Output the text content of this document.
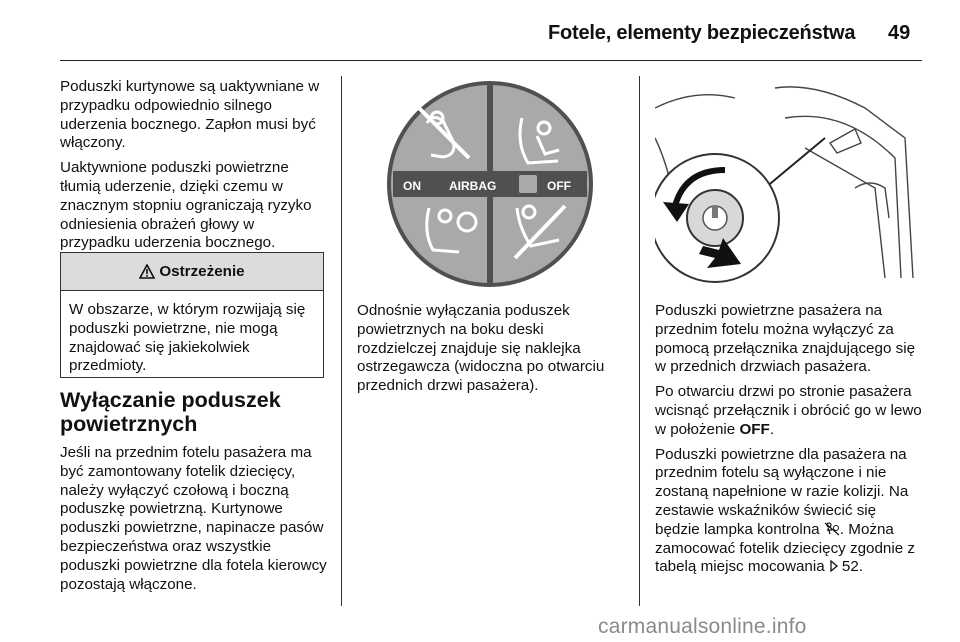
Fotele, elementy bezpieczeństwa 49

Poduszki kurtynowe są uaktywniane w przypadku odpowiednio silnego uderzenia bocznego. Zapłon musi być włączony.

Uaktywnione poduszki powietrzne tłumią uderzenie, dzięki czemu w znacznym stopniu ograniczają ryzyko odniesienia obrażeń głowy w przypadku uderzenia bocznego.

Ostrzeżenie
W obszarze, w którym rozwijają się poduszki powietrzne, nie mogą znajdować się jakiekolwiek przedmioty.
Wyłączanie poduszek powietrznych

Jeśli na przednim fotelu pasażera ma być zamontowany fotelik dziecięcy, należy wyłączyć czołową i boczną poduszkę powietrzną. Kurtynowe poduszki powietrzne, napinacze pasów bezpieczeństwa oraz wszystkie poduszki powietrzne dla fotela kierowcy pozostają włączone.

ON AIRBAG	OFF

Odnośnie wyłączania poduszek powietrznych na boku deski rozdzielczej znajduje się naklejka ostrzegawcza (widoczna po otwarciu przednich drzwi pasażera).

Poduszki powietrzne pasażera na przednim fotelu można wyłączyć za pomocą przełącznika znajdującego się w przednich drzwiach pasażera.

Po otwarciu drzwi po stronie pasażera wcisnąć przełącznik i obrócić go w lewo w położenie OFF.

Poduszki powietrzne dla pasażera na przednim fotelu są wyłączone i nie zostaną napełnione w razie kolizji. Na zestawie wskaźników świecić się będzie lampka kontrolna . Można zamocować fotelik dziecięcy zgodnie z tabelą miejsc mocowania 52.

carmanualsonline.info
